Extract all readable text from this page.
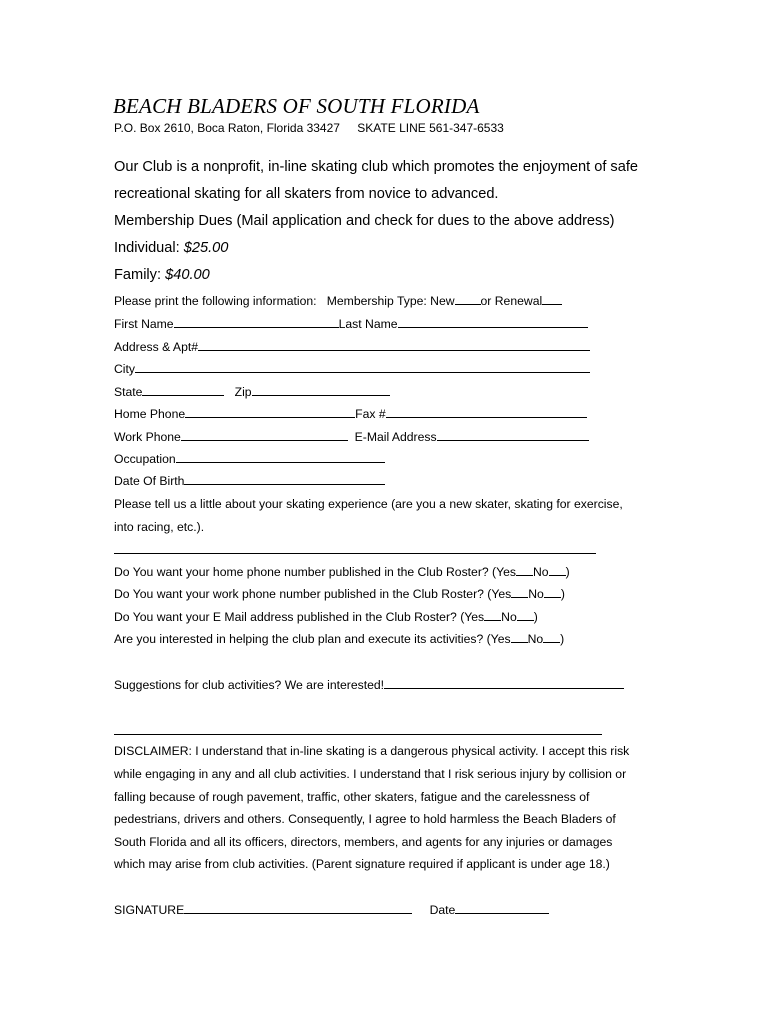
BEACH BLADERS OF SOUTH FLORIDA
P.O. Box 2610, Boca Raton, Florida 33427 SKATE LINE 561-347-6533
Our Club is a nonprofit, in-line skating club which promotes the enjoyment of safe
recreational skating for all skaters from novice to advanced.
Membership Dues (Mail application and check for dues to the above address)
Individual: $25.00
Family: $40.00
Please print the following information: Membership Type: New or Renewal
First Name	Last Name
Address & Apt#
City
State	Zip
Home Phone	Fax #
Work Phone	E-Mail Address
Occupation
Date Of Birth
Please tell us a little about your skating experience (are you a new skater, skating for exercise,
into racing, etc.).
Do You want your home phone number published in the Club Roster? (Yes No )
Do You want your work phone number published in the Club Roster? (Yes No )
Do You want your E Mail address published in the Club Roster? (Yes No )
Are you interested in helping the club plan and execute its activities? (Yes No )
Suggestions for club activities? We are interested!
DISCLAIMER: I understand that in-line skating is a dangerous physical activity. I accept this risk
while engaging in any and all club activities. I understand that I risk serious injury by collision or
falling because of rough pavement, traffic, other skaters, fatigue and the carelessness of
pedestrians, drivers and others. Consequently, I agree to hold harmless the Beach Bladers of
South Florida and all its officers, directors, members, and agents for any injuries or damages
which may arise from club activities. (Parent signature required if applicant is under age 18.)
SIGNATURE	Date
